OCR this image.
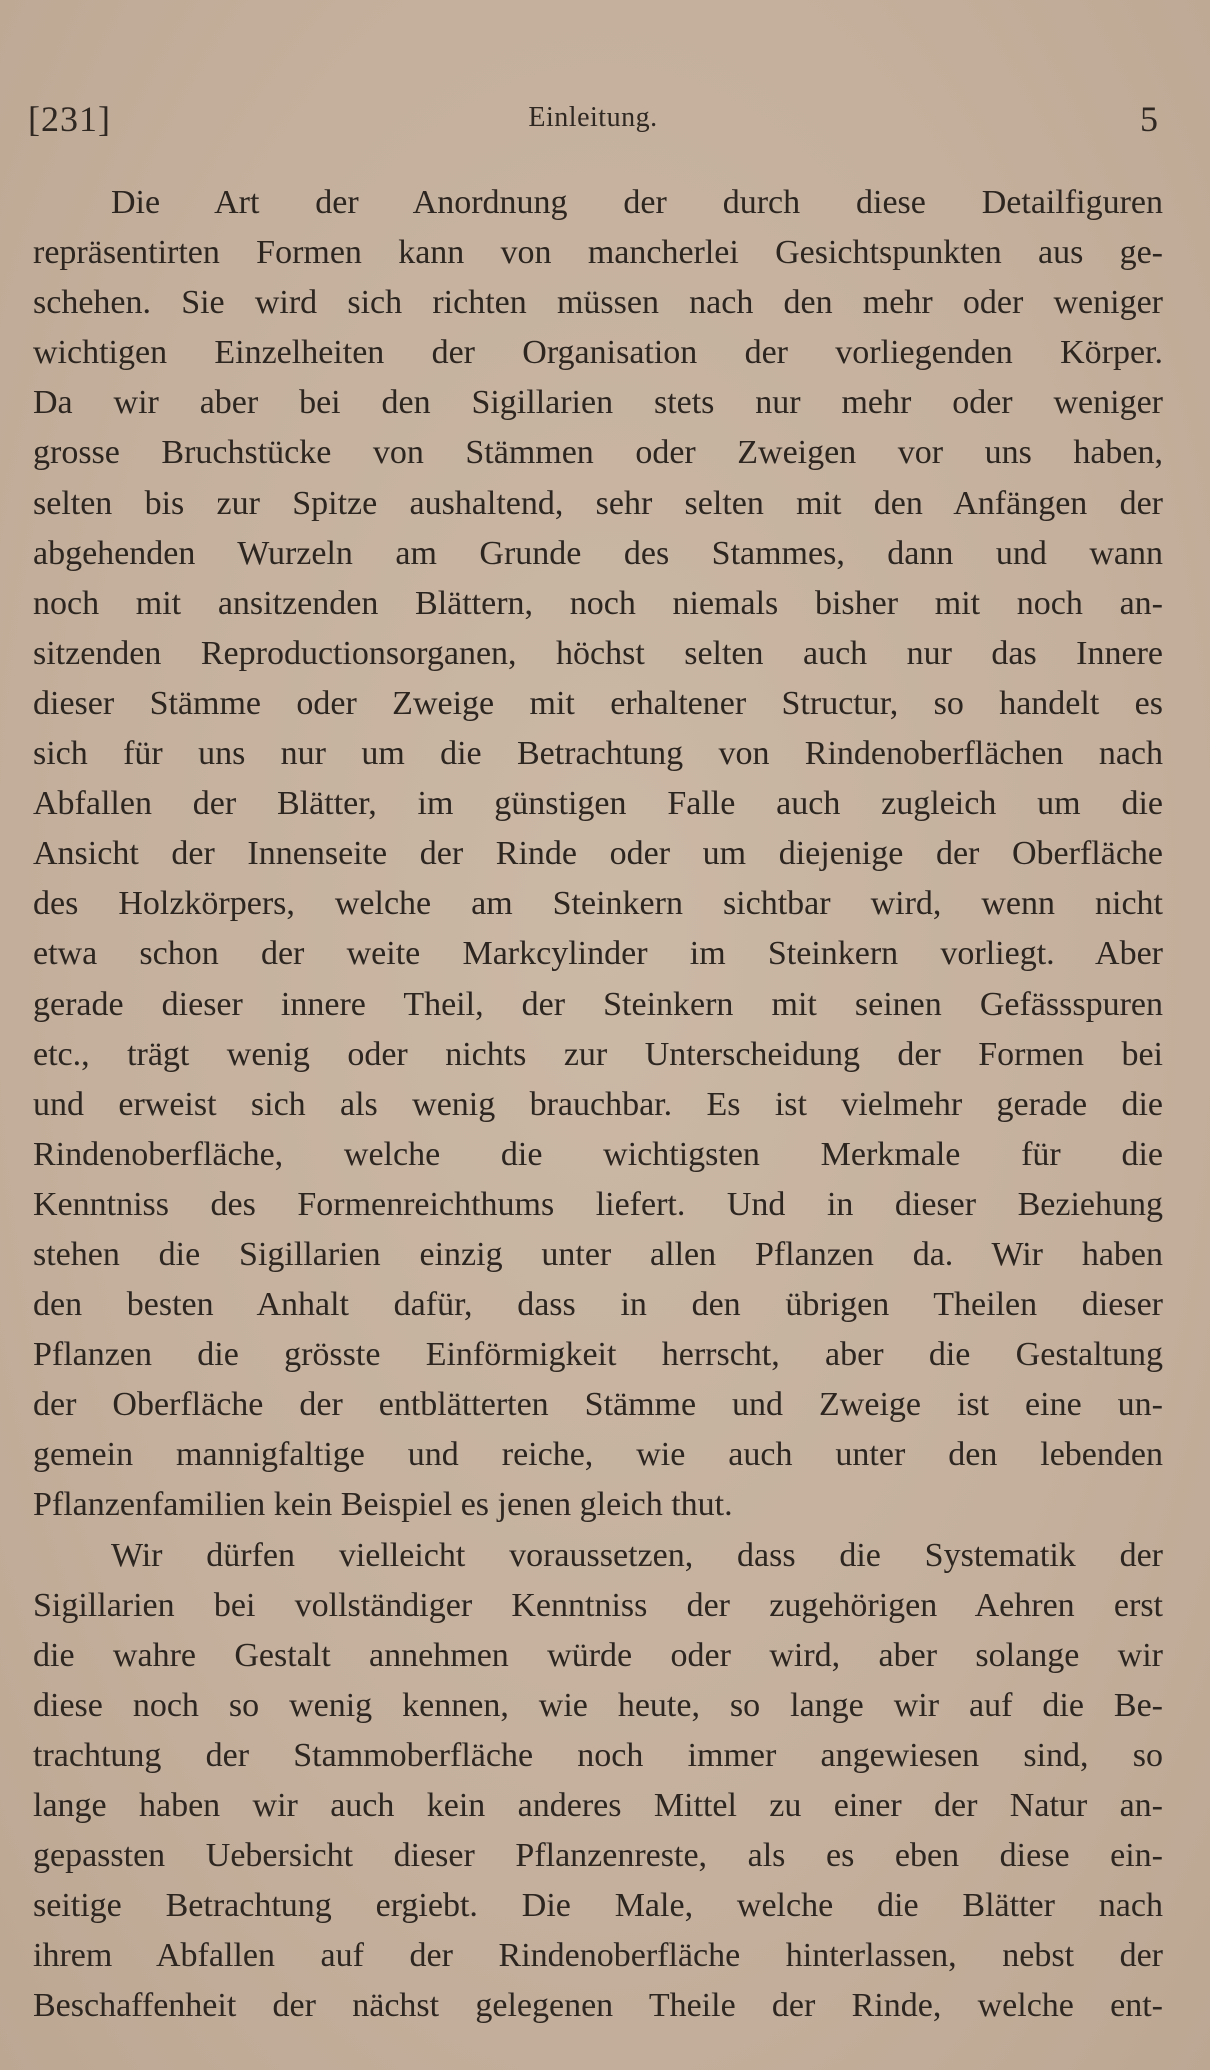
[231]	Einleitung.	5
Die Art der Anordnung der durch diese Detailfiguren
repräsentirten Formen kann von mancherlei Gesichtspunkten aus ge-
schehen. Sie wird sich richten müssen nach den mehr oder weniger
wichtigen Einzelheiten der Organisation der vorliegenden Körper.
Da wir aber bei den Sigillarien stets nur mehr oder weniger
grosse Bruchstücke von Stämmen oder Zweigen vor uns haben,
selten bis zur Spitze aushaltend, sehr selten mit den Anfängen der
abgehenden Wurzeln am Grunde des Stammes, dann und wann
noch mit ansitzenden Blättern, noch niemals bisher mit noch an-
sitzenden Reproductionsorganen, höchst selten auch nur das Innere
dieser Stämme oder Zweige mit erhaltener Structur, so handelt es
sich für uns nur um die Betrachtung von Rindenoberflächen nach
Abfallen der Blätter, im günstigen Falle auch zugleich um die
Ansicht der Innenseite der Rinde oder um diejenige der Oberfläche
des Holzkörpers, welche am Steinkern sichtbar wird, wenn nicht
etwa schon der weite Markcylinder im Steinkern vorliegt. Aber
gerade dieser innere Theil, der Steinkern mit seinen Gefässspuren
etc., trägt wenig oder nichts zur Unterscheidung der Formen bei
und erweist sich als wenig brauchbar. Es ist vielmehr gerade die
Rindenoberfläche, welche die wichtigsten Merkmale für die
Kenntniss des Formenreichthums liefert. Und in dieser Beziehung
stehen die Sigillarien einzig unter allen Pflanzen da. Wir haben
den besten Anhalt dafür, dass in den übrigen Theilen dieser
Pflanzen die grösste Einförmigkeit herrscht, aber die Gestaltung
der Oberfläche der entblätterten Stämme und Zweige ist eine un-
gemein mannigfaltige und reiche, wie auch unter den lebenden
Pflanzenfamilien kein Beispiel es jenen gleich thut.
Wir dürfen vielleicht voraussetzen, dass die Systematik der
Sigillarien bei vollständiger Kenntniss der zugehörigen Aehren erst
die wahre Gestalt annehmen würde oder wird, aber solange wir
diese noch so wenig kennen, wie heute, so lange wir auf die Be-
trachtung der Stammoberfläche noch immer angewiesen sind, so
lange haben wir auch kein anderes Mittel zu einer der Natur an-
gepassten Uebersicht dieser Pflanzenreste, als es eben diese ein-
seitige Betrachtung ergiebt. Die Male, welche die Blätter nach
ihrem Abfallen auf der Rindenoberfläche hinterlassen, nebst der
Beschaffenheit der nächst gelegenen Theile der Rinde, welche ent-
